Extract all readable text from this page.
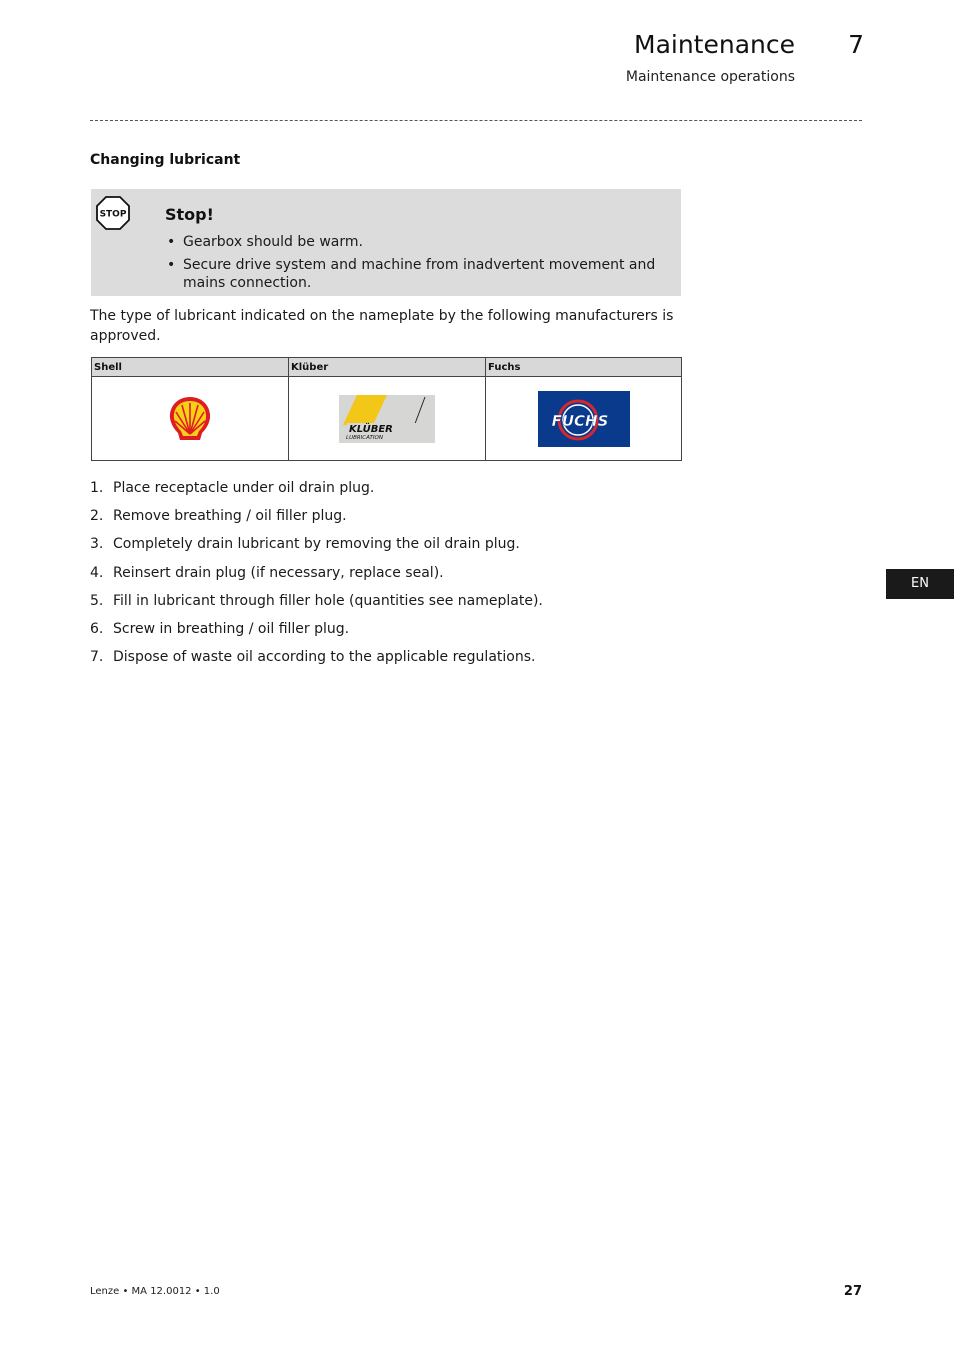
Maintenance	7
Maintenance operations
Changing lubricant
STOP Stop!
• Gearbox should be warm.
• Secure drive system and machine from inadvertent movement and mains connection.
The type of lubricant indicated on the nameplate by the following manufacturers is approved.
Shell	Klüber	Fuchs

KLÜBER
LUBRICATION	FUCHS
1. Place receptacle under oil drain plug.
2. Remove breathing / oil filler plug.
3. Completely drain lubricant by removing the oil drain plug.
4. Reinsert drain plug (if necessary, replace seal).
5. Fill in lubricant through filler hole (quantities see nameplate).
6. Screw in breathing / oil filler plug.
7. Dispose of waste oil according to the applicable regulations.
EN
Lenze • MA 12.0012 • 1.0	27
